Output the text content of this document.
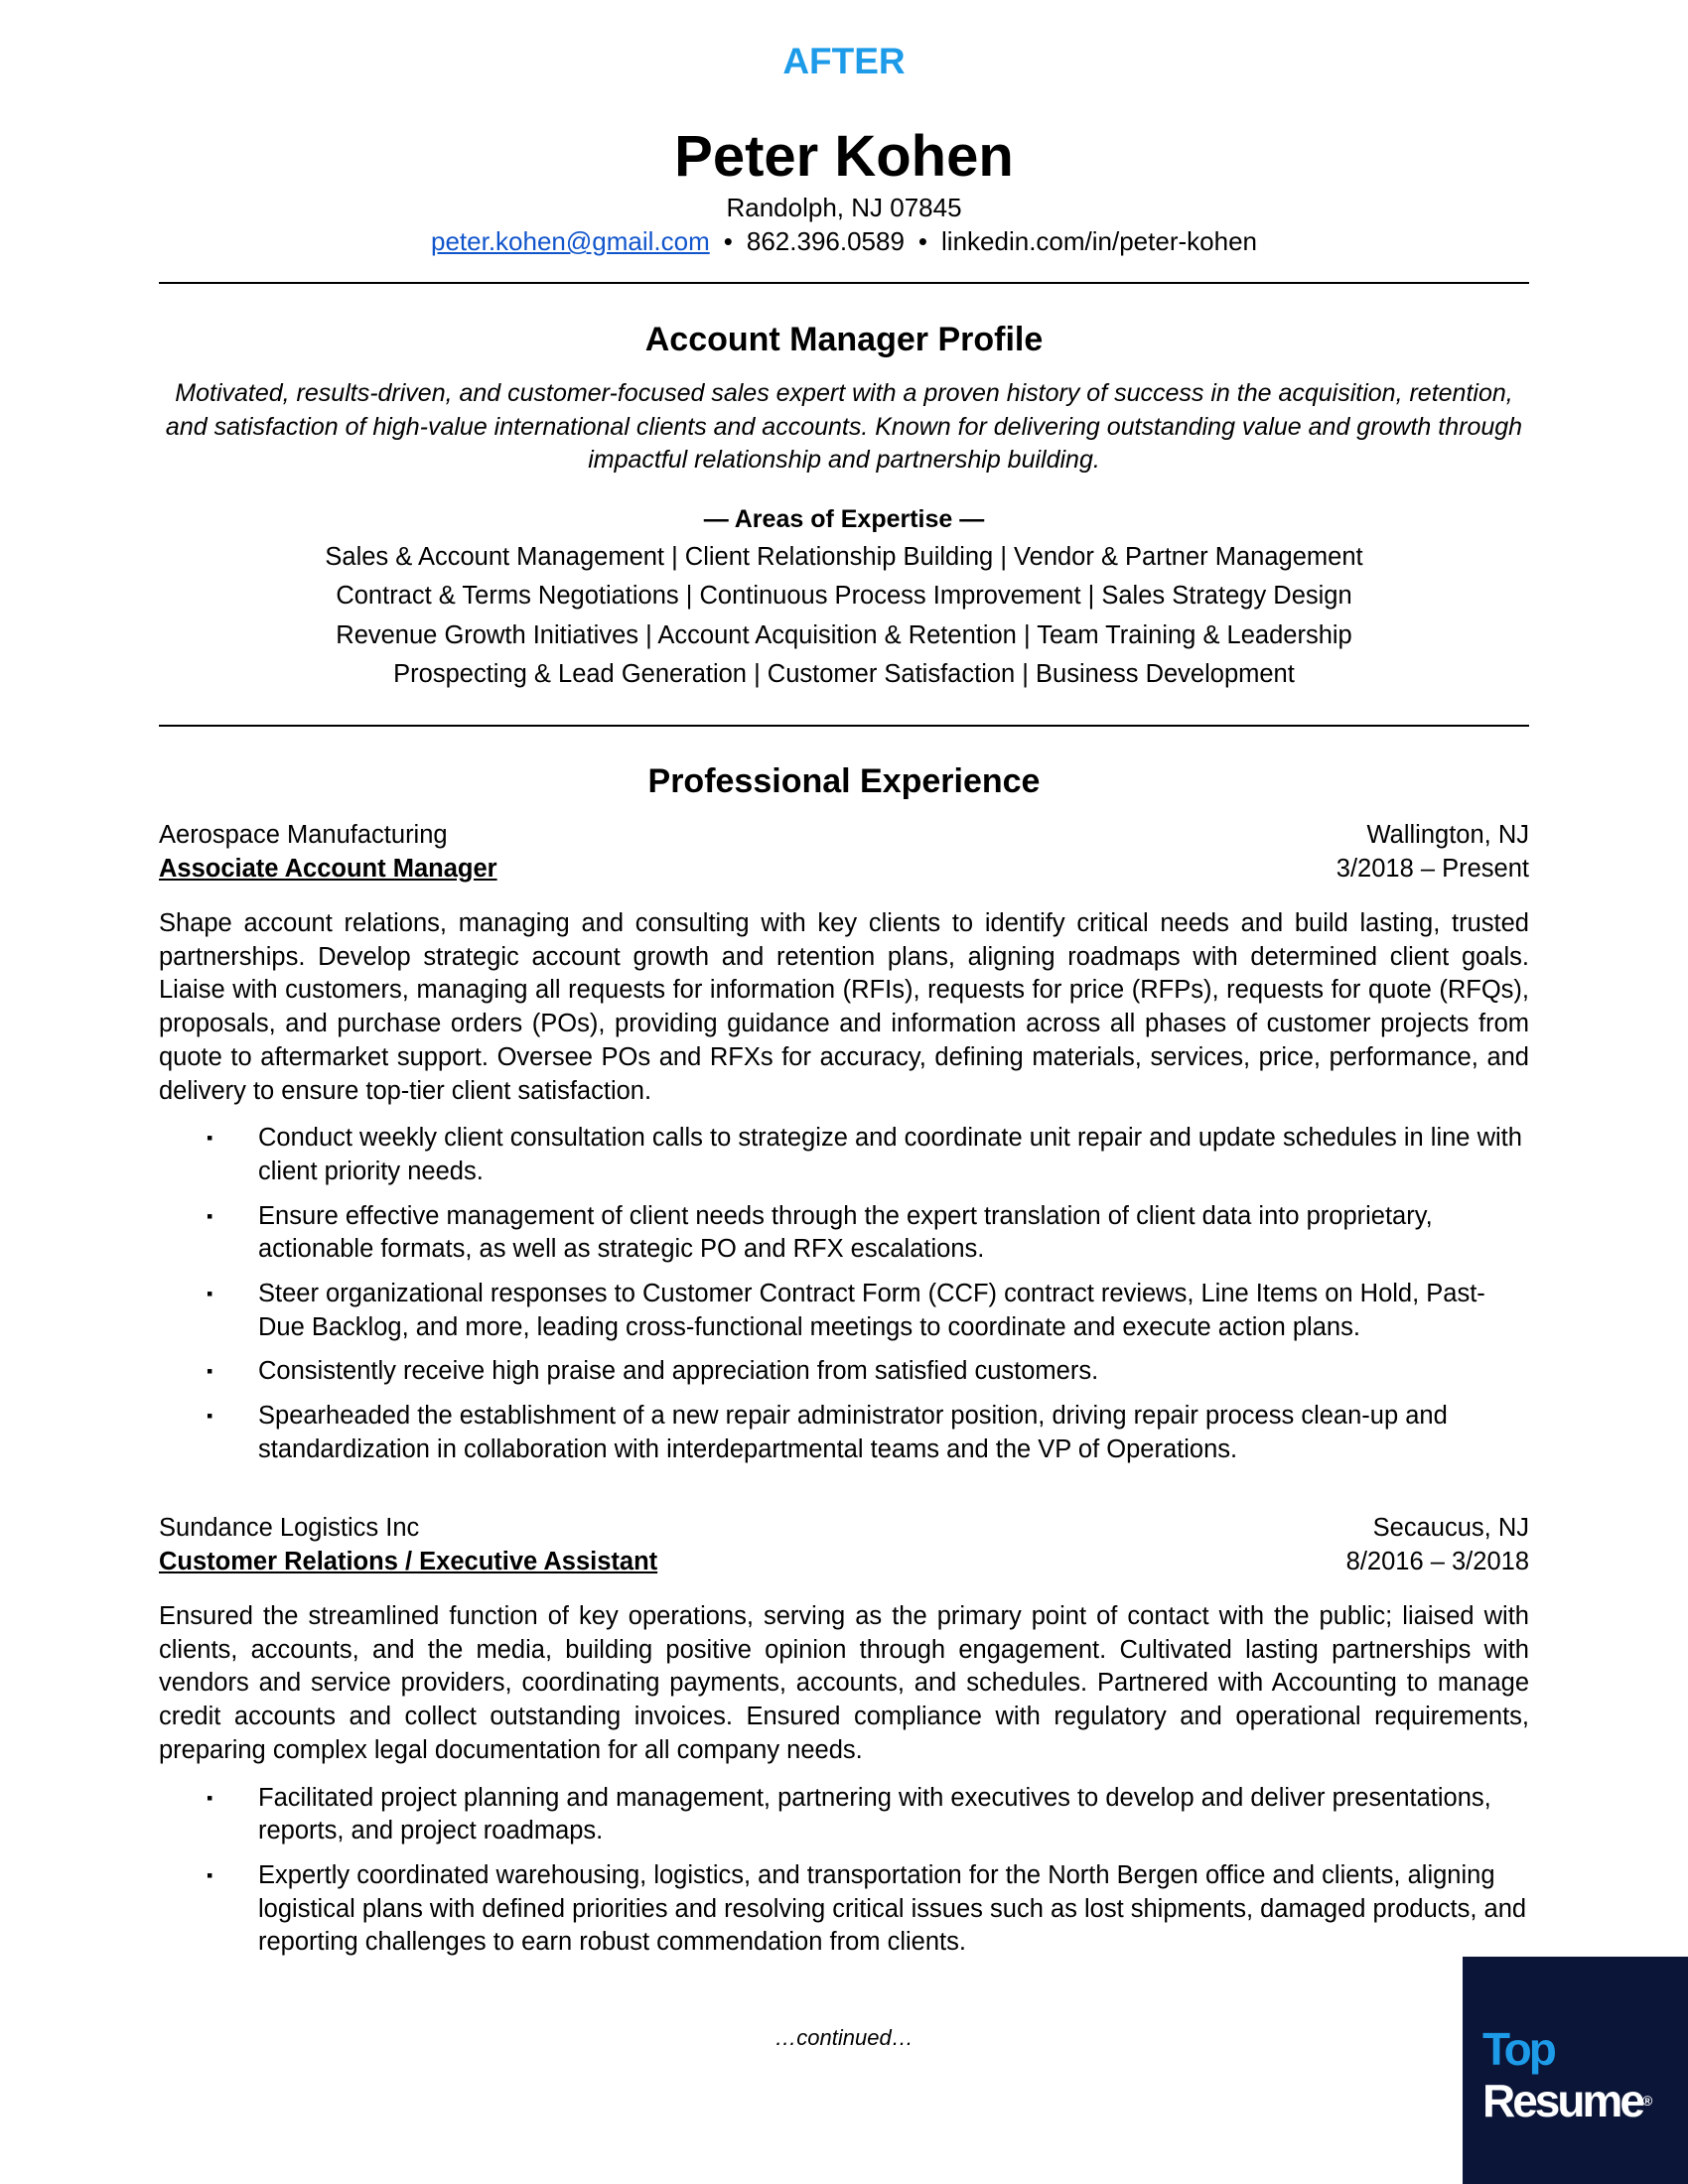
AFTER
Peter Kohen
Randolph, NJ 07845
peter.kohen@gmail.com • 862.396.0589 • linkedin.com/in/peter-kohen
Account Manager Profile
Motivated, results-driven, and customer-focused sales expert with a proven history of success in the acquisition, retention, and satisfaction of high-value international clients and accounts. Known for delivering outstanding value and growth through impactful relationship and partnership building.
— Areas of Expertise —
Sales & Account Management | Client Relationship Building | Vendor & Partner Management
Contract & Terms Negotiations | Continuous Process Improvement | Sales Strategy Design
Revenue Growth Initiatives | Account Acquisition & Retention | Team Training & Leadership
Prospecting & Lead Generation | Customer Satisfaction | Business Development
Professional Experience
Aerospace Manufacturing	Wallington, NJ
Associate Account Manager	3/2018 – Present
Shape account relations, managing and consulting with key clients to identify critical needs and build lasting, trusted partnerships. Develop strategic account growth and retention plans, aligning roadmaps with determined client goals. Liaise with customers, managing all requests for information (RFIs), requests for price (RFPs), requests for quote (RFQs), proposals, and purchase orders (POs), providing guidance and information across all phases of customer projects from quote to aftermarket support. Oversee POs and RFXs for accuracy, defining materials, services, price, performance, and delivery to ensure top-tier client satisfaction.
▪ Conduct weekly client consultation calls to strategize and coordinate unit repair and update schedules in line with client priority needs.
▪ Ensure effective management of client needs through the expert translation of client data into proprietary, actionable formats, as well as strategic PO and RFX escalations.
▪ Steer organizational responses to Customer Contract Form (CCF) contract reviews, Line Items on Hold, Past-Due Backlog, and more, leading cross-functional meetings to coordinate and execute action plans.
▪ Consistently receive high praise and appreciation from satisfied customers.
▪ Spearheaded the establishment of a new repair administrator position, driving repair process clean-up and standardization in collaboration with interdepartmental teams and the VP of Operations.
Sundance Logistics Inc	Secaucus, NJ
Customer Relations / Executive Assistant	8/2016 – 3/2018
Ensured the streamlined function of key operations, serving as the primary point of contact with the public; liaised with clients, accounts, and the media, building positive opinion through engagement. Cultivated lasting partnerships with vendors and service providers, coordinating payments, accounts, and schedules. Partnered with Accounting to manage credit accounts and collect outstanding invoices. Ensured compliance with regulatory and operational requirements, preparing complex legal documentation for all company needs.
▪ Facilitated project planning and management, partnering with executives to develop and deliver presentations, reports, and project roadmaps.
▪ Expertly coordinated warehousing, logistics, and transportation for the North Bergen office and clients, aligning logistical plans with defined priorities and resolving critical issues such as lost shipments, damaged products, and reporting challenges to earn robust commendation from clients.
…continued…	Top
Resume®
